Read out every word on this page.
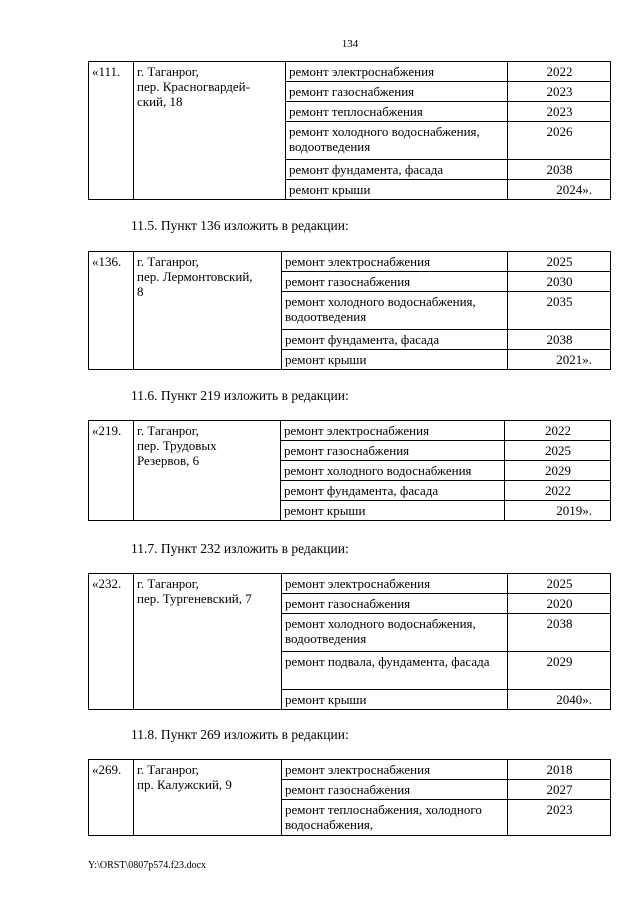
134
«111.	г. Таганрог,
пер. Красногвардей-
ский, 18	ремонт электроснабжения	2022
		ремонт газоснабжения	2023
		ремонт теплоснабжения	2023
		ремонт холодного водоснабжения, водоотведения	2026
		ремонт фундамента, фасада	2038
		ремонт крыши	2024».
11.5. Пункт 136 изложить в редакции:
«136.	г. Таганрог,
пер. Лермонтовский,
8	ремонт электроснабжения	2025
		ремонт газоснабжения	2030
		ремонт холодного водоснабжения, водоотведения	2035
		ремонт фундамента, фасада	2038
		ремонт крыши	2021».
11.6. Пункт 219 изложить в редакции:
«219.	г. Таганрог,
пер. Трудовых
Резервов, 6	ремонт электроснабжения	2022
		ремонт газоснабжения	2025
		ремонт холодного водоснабжения	2029
		ремонт фундамента, фасада	2022
		ремонт крыши	2019».
11.7. Пункт 232 изложить в редакции:
«232.	г. Таганрог,
пер. Тургеневский, 7	ремонт электроснабжения	2025
		ремонт газоснабжения	2020
		ремонт холодного водоснабжения, водоотведения	2038
		ремонт подвала, фундамента, фасада	2029
		ремонт крыши	2040».
11.8. Пункт 269 изложить в редакции:
«269.	г. Таганрог,
пр. Калужский, 9	ремонт электроснабжения	2018
		ремонт газоснабжения	2027
		ремонт теплоснабжения, холодного водоснабжения,	2023
Y:\ORST\0807p574.f23.docx
